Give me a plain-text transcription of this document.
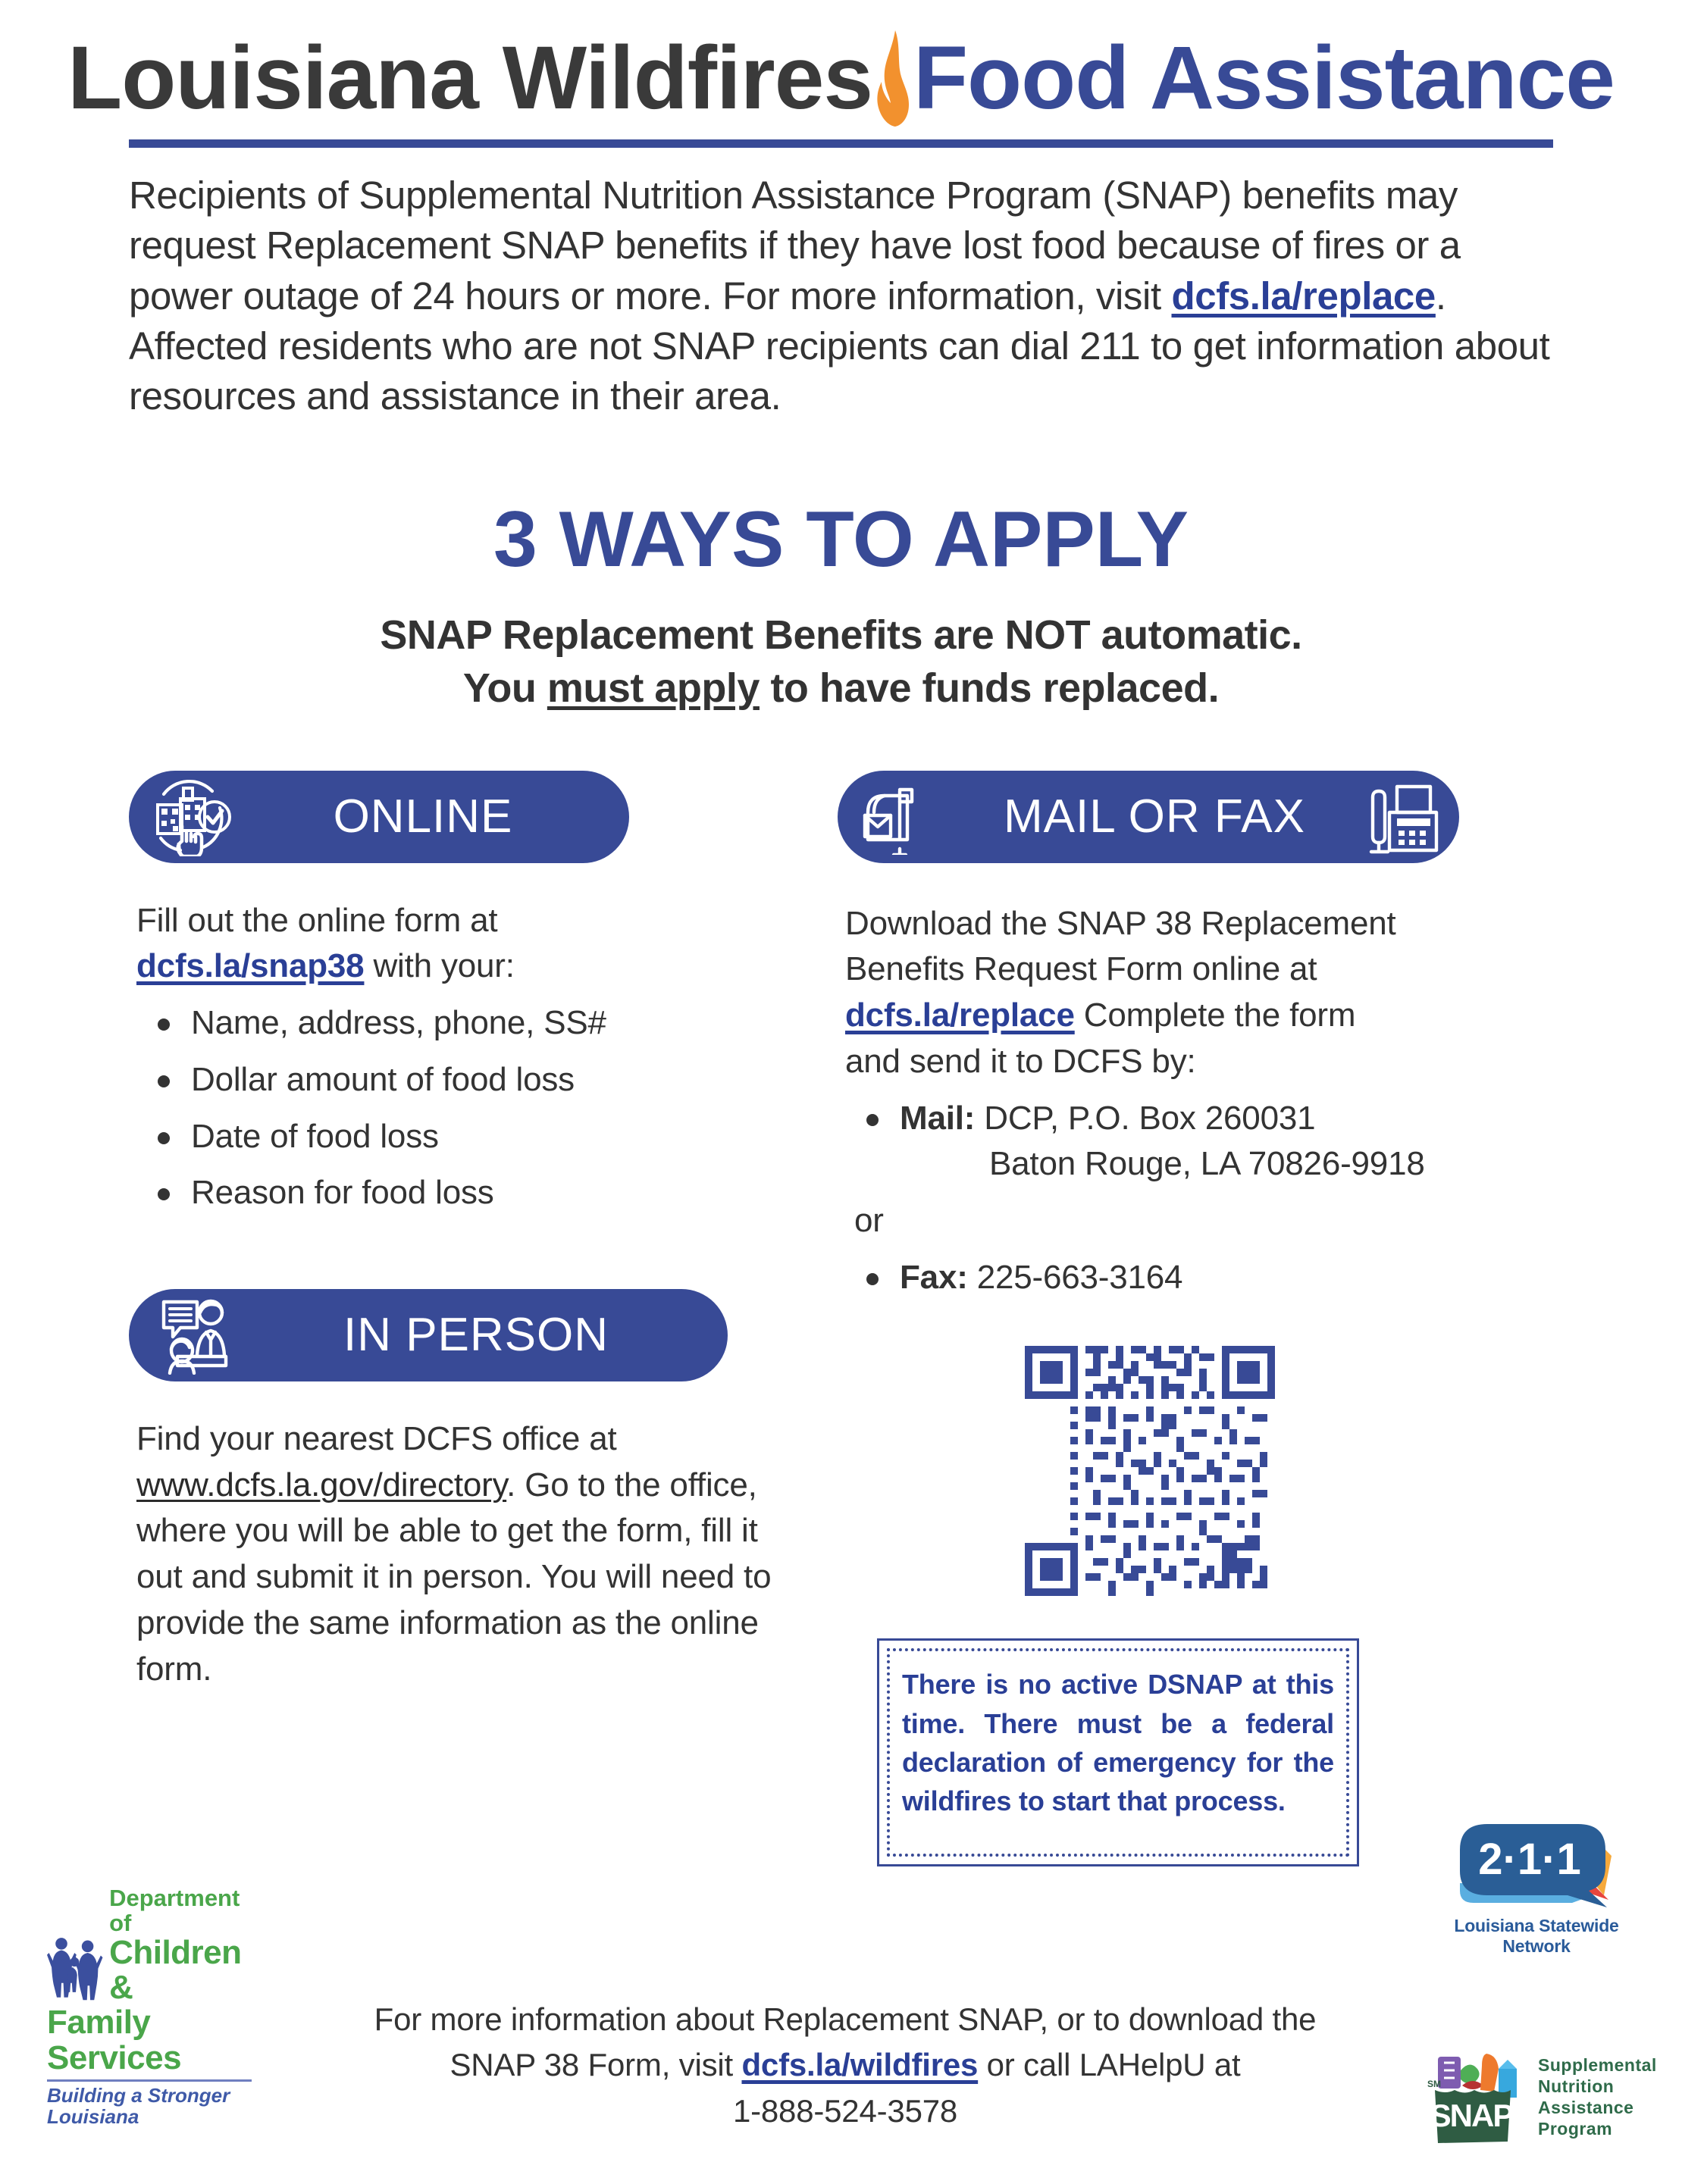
Louisiana Wildfires Food Assistance
Recipients of Supplemental Nutrition Assistance Program (SNAP) benefits may request Replacement SNAP benefits if they have lost food because of fires or a power outage of 24 hours or more. For more information, visit dcfs.la/replace. Affected residents who are not SNAP recipients can dial 211 to get information about resources and assistance in their area.
3 WAYS TO APPLY
SNAP Replacement Benefits are NOT automatic.
You must apply to have funds replaced.
ONLINE
Fill out the online form at
dcfs.la/snap38 with your:
Name, address, phone, SS#
Dollar amount of food loss
Date of food loss
Reason for food loss
IN PERSON
Find your nearest DCFS office at www.dcfs.la.gov/directory. Go to the office, where you will be able to get the form, fill it out and submit it in person. You will need to provide the same information as the online form.
MAIL OR FAX
Download the SNAP 38 Replacement
Benefits Request Form online at
dcfs.la/replace Complete the form
and send it to DCFS by:
Mail: DCP, P.O. Box 260031
Baton Rouge, LA 70826-9918
or
Fax: 225-663-3164
There is no active DSNAP at this time. There must be a federal declaration of emergency for the wildfires to start that process.
Department of
Children &
Family Services
Building a Stronger Louisiana
For more information about Replacement SNAP, or to download the
SNAP 38 Form, visit dcfs.la/wildfires or call LAHelpU at
1-888-524-3578
2·1·1
Louisiana Statewide Network
SNAP
SM
Supplemental
Nutrition
Assistance
Program
